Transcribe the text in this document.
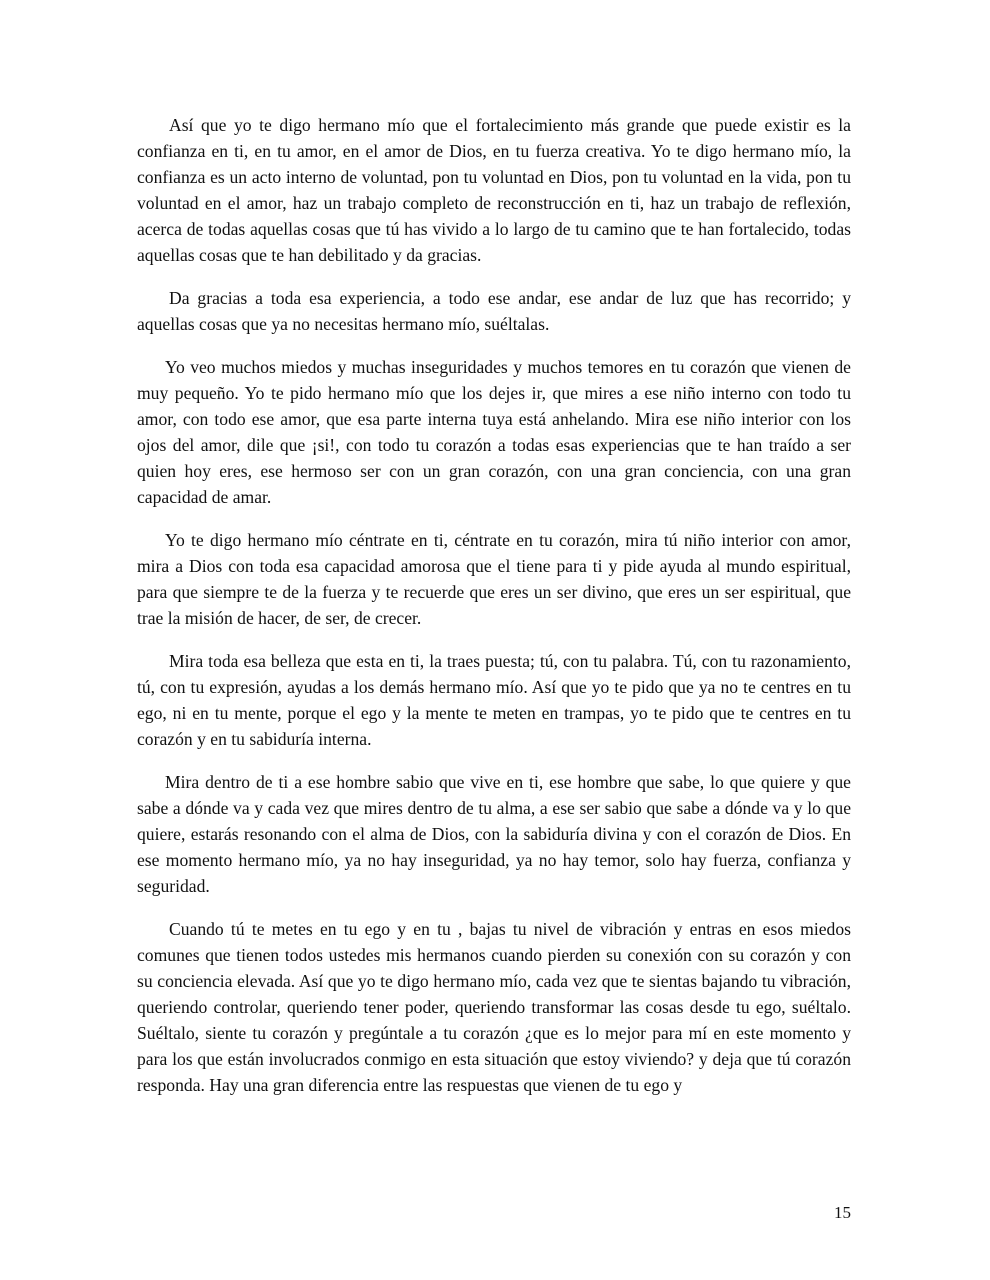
Así que yo te digo hermano mío que el fortalecimiento más grande que puede existir es la confianza en ti, en tu amor, en el amor de Dios, en tu fuerza creativa. Yo te digo hermano mío, la confianza es un acto interno de voluntad, pon tu voluntad en Dios, pon tu voluntad en la vida, pon tu voluntad en el amor, haz un trabajo completo de reconstrucción en ti, haz un trabajo de reflexión, acerca de todas aquellas cosas que tú has vivido a lo largo de tu camino que te han fortalecido, todas aquellas cosas que te han debilitado y da gracias.

Da gracias a toda esa experiencia, a todo ese andar, ese andar de luz que has recorrido; y aquellas cosas que ya no necesitas hermano mío, suéltalas.

Yo veo muchos miedos y muchas inseguridades y muchos temores en tu corazón que vienen de muy pequeño. Yo te pido hermano mío que los dejes ir, que mires a ese niño interno con todo tu amor, con todo ese amor, que esa parte interna tuya está anhelando. Mira ese niño interior con los ojos del amor, dile que ¡si!, con todo tu corazón a todas esas experiencias que te han traído a ser quien hoy eres, ese hermoso ser con un gran corazón, con una gran conciencia, con una gran capacidad de amar.

Yo te digo hermano mío céntrate en ti, céntrate en tu corazón, mira tú niño interior con amor, mira a Dios con toda esa capacidad amorosa que el tiene para ti y pide ayuda al mundo espiritual, para que siempre te de la fuerza y te recuerde que eres un ser divino, que eres un ser espiritual, que trae la misión de hacer, de ser, de crecer.

Mira toda esa belleza que esta en ti, la traes puesta; tú, con tu palabra. Tú, con tu razonamiento, tú, con tu expresión, ayudas a los demás hermano mío. Así que yo te pido que ya no te centres en tu ego, ni en tu mente, porque el ego y la mente te meten en trampas, yo te pido que te centres en tu corazón y en tu sabiduría interna.

Mira dentro de ti a ese hombre sabio que vive en ti, ese hombre que sabe, lo que quiere y que sabe a dónde va y cada vez que mires dentro de tu alma, a ese ser sabio que sabe a dónde va y lo que quiere, estarás resonando con el alma de Dios, con la sabiduría divina y con el corazón de Dios. En ese momento hermano mío, ya no hay inseguridad, ya no hay temor, solo hay fuerza, confianza y seguridad.

Cuando tú te metes en tu ego y en tu , bajas tu nivel de vibración y entras en esos miedos comunes que tienen todos ustedes mis hermanos cuando pierden su conexión con su corazón y con su conciencia elevada. Así que yo te digo hermano mío, cada vez que te sientas bajando tu vibración, queriendo controlar, queriendo tener poder, queriendo transformar las cosas desde tu ego, suéltalo. Suéltalo, siente tu corazón y pregúntale a tu corazón ¿que es lo mejor para mí en este momento y para los que están involucrados conmigo en esta situación que estoy viviendo? y deja que tú corazón responda. Hay una gran diferencia entre las respuestas que vienen de tu ego y

15
